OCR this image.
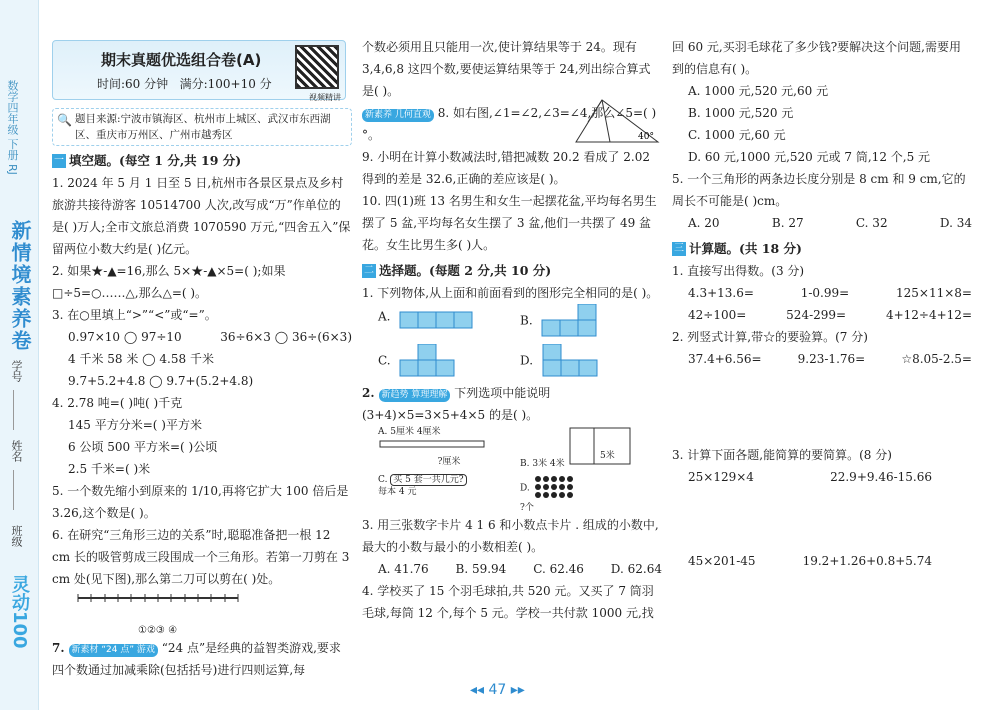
数学四年级 下册 RJ
新情境素养卷
学号
姓名
班级
灵动100
期末真题优选组合卷(A)
时间:60 分钟 满分:100+10 分
视频精讲
🔍 题目来源:宁波市镇海区、杭州市上城区、武汉市东西湖区、重庆市万州区、广州市越秀区
一 填空题。(每空 1 分,共 19 分)

1. 2024 年 5 月 1 日至 5 日,杭州市各景区景点及乡村旅游共接待游客 10514700 人次,改写成“万”作单位的是( )万人;全市文旅总消费 1070590 万元,“四舍五入”保留两位小数大约是( )亿元。

2. 如果★-▲=16,那么 5×★-▲×5=( );如果□÷5=○……△,那么△=( )。

3. 在○里填上“>”“<”或“=”。

0.97×10 ◯ 97÷10	36÷6×3 ◯ 36÷(6×3)
4 千米 58 米 ◯ 4.58 千米
9.7+5.2+4.8 ◯ 9.7+(5.2+4.8)

4. 2.78 吨=( )吨( )千克

145 平方分米=( )平方米
6 公顷 500 平方米=( )公顷
2.5 千米=( )米

5. 一个数先缩小到原来的 1/10,再将它扩大 100 倍后是 3.26,这个数是( )。

6. 在研究“三角形三边的关系”时,聪聪准备把一根 12 cm 长的吸管剪成三段围成一个三角形。若第一刀剪在 3 cm 处(见下图),那么第二刀可以剪在( )处。

①②③ ④

7. 新素材 “24 点” 游戏 “24 点”是经典的益智类游戏,要求四个数通过加减乘除(包括括号)进行四则运算,每

个数必须用且只能用一次,使计算结果等于 24。现有 3,4,6,8 这四个数,要使运算结果等于 24,列出综合算式是( )。

新素养 几何直观 8. 如右图,∠1=∠2,∠3=∠4,那么∠5=( )°。	40°

9. 小明在计算小数减法时,错把减数 20.2 看成了 2.02 得到的差是 32.6,正确的差应该是( )。

10. 四(1)班 13 名男生和女生一起摆花盆,平均每名男生摆了 5 盆,平均每名女生摆了 3 盆,他们一共摆了 49 盆花。女生比男生多( )人。

二 选择题。(每题 2 分,共 10 分)

1. 下列物体,从上面和前面看到的图形完全相同的是( )。

A.	B.
C.	D.

2. 新趋势 算理理解 下列选项中能说明(3+4)×5=3×5+4×5 的是( )。

A. 5厘米 4厘米
?厘米	B. 3米 4米
5米
C. 买 5 套一共几元?
每本 4 元	D.
?个

3. 用三张数字卡片 4 1 6 和小数点卡片 . 组成的小数中,最大的小数与最小的小数相差( )。

A. 41.76 B. 59.94 C. 62.46 D. 62.64

4. 学校买了 15 个羽毛球拍,共 520 元。又买了 7 筒羽毛球,每筒 12 个,每个 5 元。学校一共付款 1000 元,找

回 60 元,买羽毛球花了多少钱?要解决这个问题,需要用到的信息有( )。

A. 1000 元,520 元,60 元
B. 1000 元,520 元
C. 1000 元,60 元
D. 60 元,1000 元,520 元或 7 筒,12 个,5 元

5. 一个三角形的两条边长度分别是 8 cm 和 9 cm,它的周长不可能是( )cm。

A. 20	B. 27	C. 32	D. 34
三 计算题。(共 18 分)

1. 直接写出得数。(3 分)

4.3+13.6=	1-0.99=	125×11×8=
42÷100=	524-299=	4+12÷4+12=

2. 列竖式计算,带☆的要验算。(7 分)

37.4+6.56=	9.23-1.76=	☆8.05-2.5=

3. 计算下面各题,能简算的要简算。(8 分)

25×129×4	22.9+9.46-15.66
45×201-45	19.2+1.26+0.8+5.74
◂◂ 47 ▸▸
